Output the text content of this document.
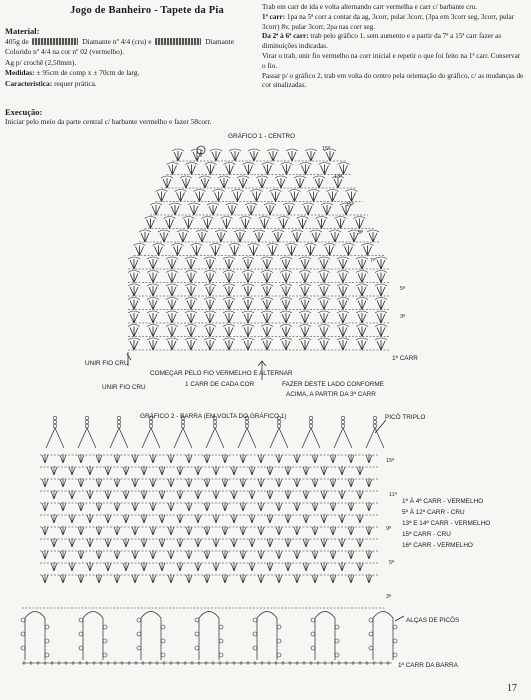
Jogo de Banheiro - Tapete da Pia
Material:
405g de	Diamante nº 4/4 (cru) e	Diamante
Colorido nº 4/4 na cor nº 02 (vermelho).
Ag p/ crochê (2,50mm).
Medidas: ± 95cm de comp x ± 70cm de larg.
Característica: requer prática.
Trab em carr de ida e volta alternando carr vermelha e carr c/ barbante cru.
1ª carr: 1pa na 5ª corr a contar da ag, 3corr, pular 3corr, (3pa em 3corr seg, 3corr, pular 3corr) 8v, pular 3corr, 2pa nas corr seg.
Da 2ª à 6ª carr: trab pelo gráfico 1, sem aumento e a partir da 7ª a 15ª carr fazer as diminuições indicadas.
Virar o trab, unir fio vermelho na corr inicial e repetir o que foi feito na 1ª carr. Conservar o fio.
Passar p/ o gráfico 2, trab em volta do centro pela orientação do gráfico, c/ as mudanças de cor sinalizadas.
Execução:
Iniciar pelo meio da parte central c/ barbante vermelho e fazer 58corr.
15ª
13ª
11ª
9ª
7ª
5ª
3ª
15ª
11ª
9ª
5ª
3ª
GRÁFICO 1 - CENTRO
1ª CARR
UNIR FIO CRU
COMEÇAR PELO FIO VERMELHO E ALTERNAR
1 CARR DE CADA COR	FAZER DESTE LADO CONFORME
ACIMA, A PARTIR DA 3ª CARR
UNIR FIO CRU
GRÁFICO 2 - BARRA (EM VOLTA DO GRÁFICO 1)	PICÔ TRIPLO
1ª À 4ª CARR - VERMELHO
5ª À 12ª CARR - CRU
13ª E 14ª CARR - VERMELHO
15ª CARR - CRU
16ª CARR - VERMELHO
ALÇAS DE PICÔS
1ª CARR DA BARRA
17
